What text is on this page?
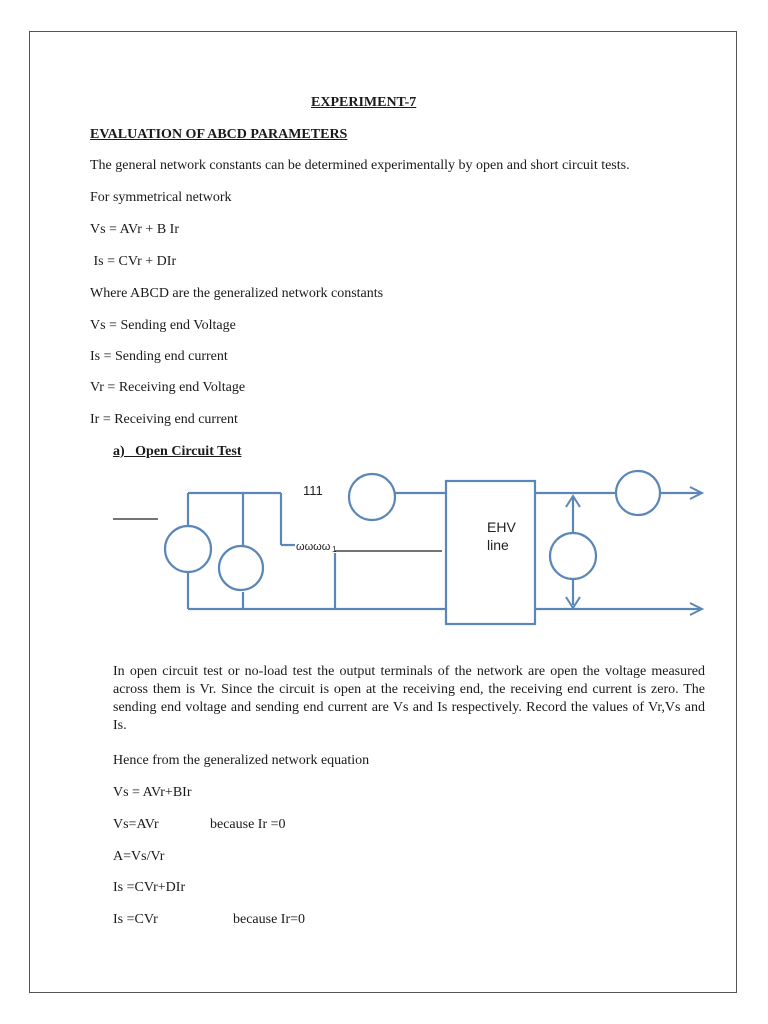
EXPERIMENT-7
EVALUATION OF ABCD PARAMETERS
The general network constants can be determined experimentally by open and short circuit tests.
For symmetrical network
Vs = AVr + B Ir
Is = CVr + DIr
Where ABCD are the generalized network constants
Vs = Sending end Voltage
Is = Sending end current
Vr = Receiving end Voltage
Ir = Receiving end current
a)   Open Circuit Test
111
ωωωω 1
EHV
line
In open circuit test or no-load test the output terminals of the network are open the voltage measured across them is Vr. Since the circuit is open at the receiving end, the receiving end current is zero. The sending end voltage and sending end current are Vs and Is respectively. Record the values of Vr,Vs and Is.
Hence from the generalized network equation
Vs = AVr+BIr
Vs=AVr	because Ir =0
A=Vs/Vr
Is =CVr+DIr
Is =CVr	because Ir=0
